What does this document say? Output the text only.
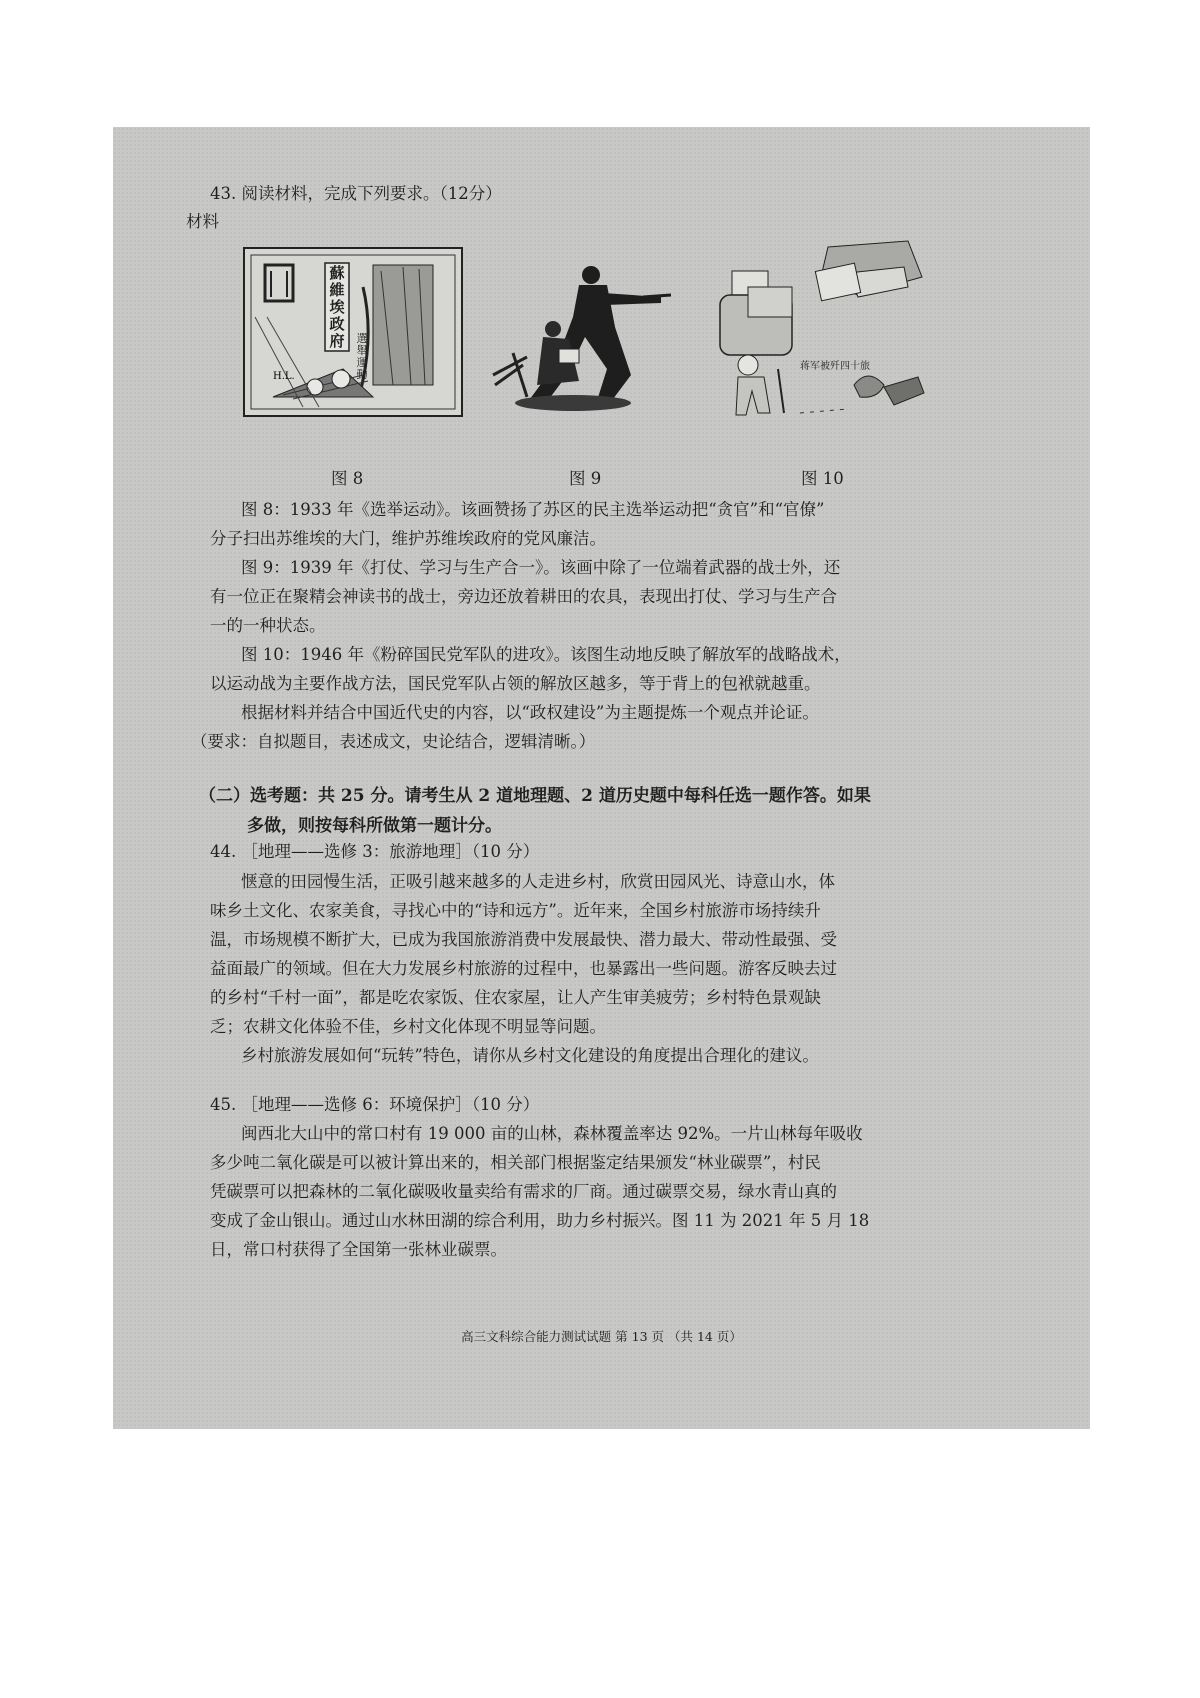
43. 阅读材料，完成下列要求。（12分）
材料
H.L.
蘇維埃政府	選舉運動
蒋军被歼四十旅
图 8	图 9	图 10
图 8：1933 年《选举运动》。该画赞扬了苏区的民主选举运动把“贪官”和“官僚”
分子扫出苏维埃的大门，维护苏维埃政府的党风廉洁。
图 9：1939 年《打仗、学习与生产合一》。该画中除了一位端着武器的战士外，还
有一位正在聚精会神读书的战士，旁边还放着耕田的农具，表现出打仗、学习与生产合
一的一种状态。
图 10：1946 年《粉碎国民党军队的进攻》。该图生动地反映了解放军的战略战术，
以运动战为主要作战方法，国民党军队占领的解放区越多，等于背上的包袱就越重。
根据材料并结合中国近代史的内容，以“政权建设”为主题提炼一个观点并论证。
（要求：自拟题目，表述成文，史论结合，逻辑清晰。）
（二）选考题：共 25 分。请考生从 2 道地理题、2 道历史题中每科任选一题作答。如果
多做，则按每科所做第一题计分。
44. ［地理——选修 3：旅游地理］（10 分）
惬意的田园慢生活，正吸引越来越多的人走进乡村，欣赏田园风光、诗意山水，体
味乡土文化、农家美食，寻找心中的“诗和远方”。近年来，全国乡村旅游市场持续升
温，市场规模不断扩大，已成为我国旅游消费中发展最快、潜力最大、带动性最强、受
益面最广的领域。但在大力发展乡村旅游的过程中，也暴露出一些问题。游客反映去过
的乡村“千村一面”，都是吃农家饭、住农家屋，让人产生审美疲劳；乡村特色景观缺
乏；农耕文化体验不佳，乡村文化体现不明显等问题。
乡村旅游发展如何“玩转”特色，请你从乡村文化建设的角度提出合理化的建议。
45. ［地理——选修 6：环境保护］（10 分）
闽西北大山中的常口村有 19 000 亩的山林，森林覆盖率达 92%。一片山林每年吸收
多少吨二氧化碳是可以被计算出来的，相关部门根据鉴定结果颁发“林业碳票”，村民
凭碳票可以把森林的二氧化碳吸收量卖给有需求的厂商。通过碳票交易，绿水青山真的
变成了金山银山。通过山水林田湖的综合利用，助力乡村振兴。图 11 为 2021 年 5 月 18
日，常口村获得了全国第一张林业碳票。
高三文科综合能力测试试题 第 13 页 （共 14 页）
